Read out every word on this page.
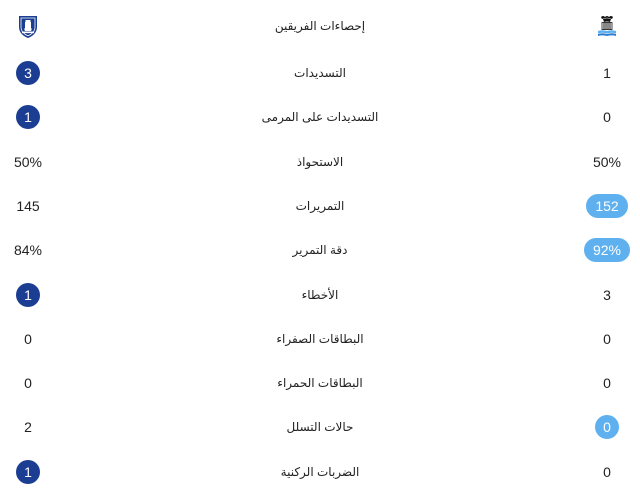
إحصاءات الفريقين
3	التسديدات	1
1	التسديدات على المرمى	0
50%	الاستحواذ	50%
145	التمريرات	152
84%	دقة التمرير	92%
1	الأخطاء	3
0	البطاقات الصفراء	0
0	البطاقات الحمراء	0
2	حالات التسلل	0
1	الضربات الركنية	0
